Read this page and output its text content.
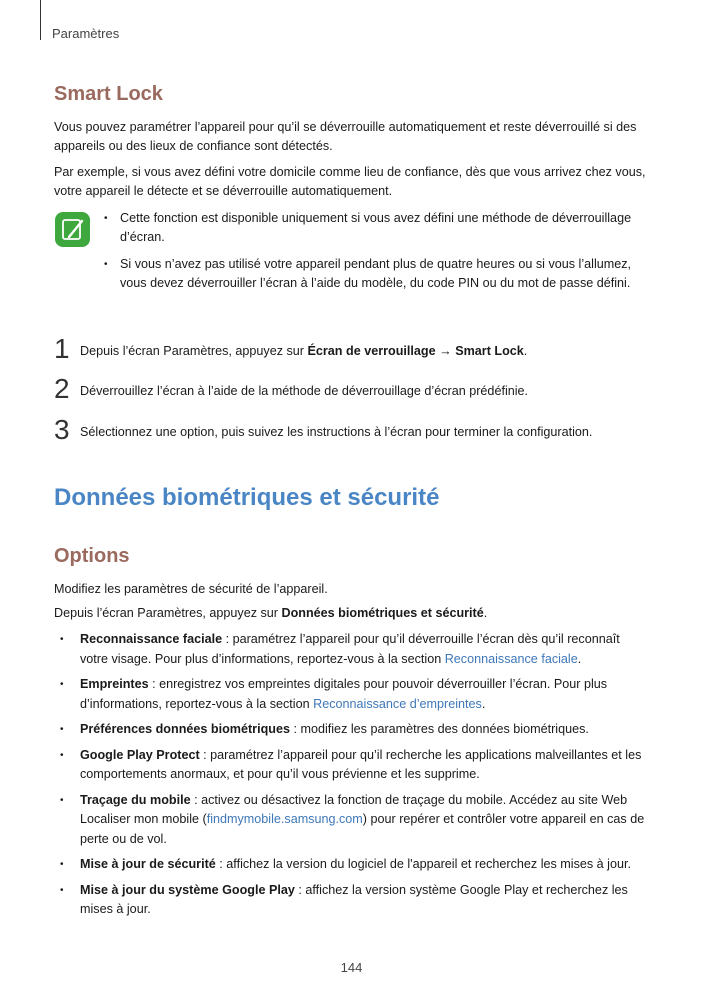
Paramètres
Smart Lock
Vous pouvez paramétrer l’appareil pour qu’il se déverrouille automatiquement et reste déverrouillé si des appareils ou des lieux de confiance sont détectés.
Par exemple, si vous avez défini votre domicile comme lieu de confiance, dès que vous arrivez chez vous, votre appareil le détecte et se déverrouille automatiquement.
• Cette fonction est disponible uniquement si vous avez défini une méthode de déverrouillage d’écran.
• Si vous n’avez pas utilisé votre appareil pendant plus de quatre heures ou si vous l’allumez, vous devez déverrouiller l’écran à l’aide du modèle, du code PIN ou du mot de passe défini.
1 Depuis l’écran Paramètres, appuyez sur Écran de verrouillage → Smart Lock.
2 Déverrouillez l’écran à l’aide de la méthode de déverrouillage d’écran prédéfinie.
3 Sélectionnez une option, puis suivez les instructions à l’écran pour terminer la configuration.
Données biométriques et sécurité
Options
Modifiez les paramètres de sécurité de l’appareil.
Depuis l’écran Paramètres, appuyez sur Données biométriques et sécurité.
• Reconnaissance faciale : paramétrez l’appareil pour qu’il déverrouille l’écran dès qu’il reconnaît votre visage. Pour plus d’informations, reportez-vous à la section Reconnaissance faciale.
• Empreintes : enregistrez vos empreintes digitales pour pouvoir déverrouiller l’écran. Pour plus d’informations, reportez-vous à la section Reconnaissance d’empreintes.
• Préférences données biométriques : modifiez les paramètres des données biométriques.
• Google Play Protect : paramétrez l’appareil pour qu’il recherche les applications malveillantes et les comportements anormaux, et pour qu’il vous prévienne et les supprime.
• Traçage du mobile : activez ou désactivez la fonction de traçage du mobile. Accédez au site Web Localiser mon mobile (findmymobile.samsung.com) pour repérer et contrôler votre appareil en cas de perte ou de vol.
• Mise à jour de sécurité : affichez la version du logiciel de l'appareil et recherchez les mises à jour.
• Mise à jour du système Google Play : affichez la version système Google Play et recherchez les mises à jour.
144
